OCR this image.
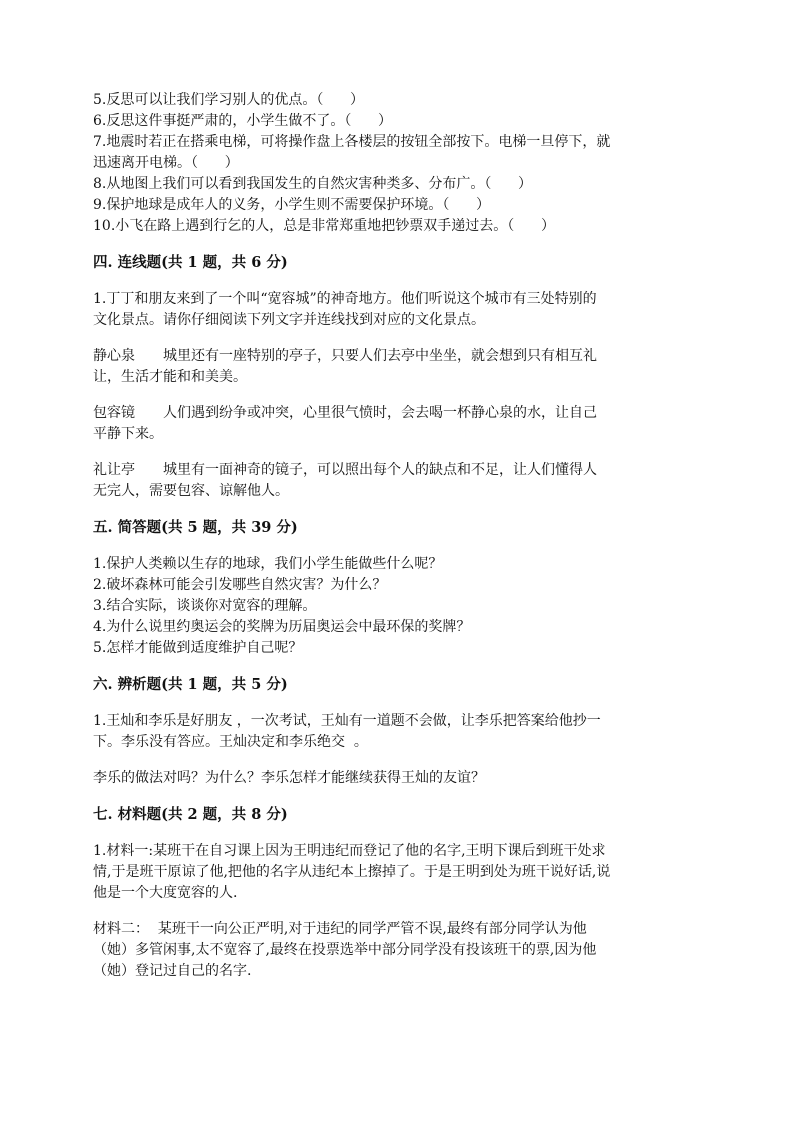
5.反思可以让我们学习别人的优点。（      ）

6.反思这件事挺严肃的，小学生做不了。（      ）

7.地震时若正在搭乘电梯，可将操作盘上各楼层的按钮全部按下。电梯一旦停下，就

迅速离开电梯。（      ）

8.从地图上我们可以看到我国发生的自然灾害种类多、分布广。（      ）

9.保护地球是成年人的义务，小学生则不需要保护环境。（      ）

10.小飞在路上遇到行乞的人，总是非常郑重地把钞票双手递过去。（      ）

四. 连线题(共 1 题，共 6 分)

1.丁丁和朋友来到了一个叫“宽容城”的神奇地方。他们听说这个城市有三处特别的

文化景点。请你仔细阅读下列文字并连线找到对应的文化景点。

静心泉 城里还有一座特别的亭子，只要人们去亭中坐坐，就会想到只有相互礼

让，生活才能和和美美。

包容镜 人们遇到纷争或冲突，心里很气愤时，会去喝一杯静心泉的水，让自己

平静下来。

礼让亭 城里有一面神奇的镜子，可以照出每个人的缺点和不足，让人们懂得人

无完人，需要包容、谅解他人。

五. 简答题(共 5 题，共 39 分)

1.保护人类赖以生存的地球，我们小学生能做些什么呢？

2.破坏森林可能会引发哪些自然灾害？为什么？

3.结合实际，谈谈你对宽容的理解。

4.为什么说里约奥运会的奖牌为历届奥运会中最环保的奖牌？

5.怎样才能做到适度维护自己呢？

六. 辨析题(共 1 题，共 5 分)

1.王灿和李乐是好朋友 ，一次考试，王灿有一道题不会做，让李乐把答案给他抄一

下。李乐没有答应。王灿决定和李乐绝交  。

李乐的做法对吗？为什么？李乐怎样才能继续获得王灿的友谊？

七. 材料题(共 2 题，共 8 分)

1.材料一:某班干在自习课上因为王明违纪而登记了他的名字,王明下课后到班干处求

情,于是班干原谅了他,把他的名字从违纪本上擦掉了。于是王明到处为班干说好话,说

他是一个大度宽容的人.

材料二：  某班干一向公正严明,对于违纪的同学严管不误,最终有部分同学认为他

（她）多管闲事,太不宽容了,最终在投票选举中部分同学没有投该班干的票,因为他

（她）登记过自己的名字.
